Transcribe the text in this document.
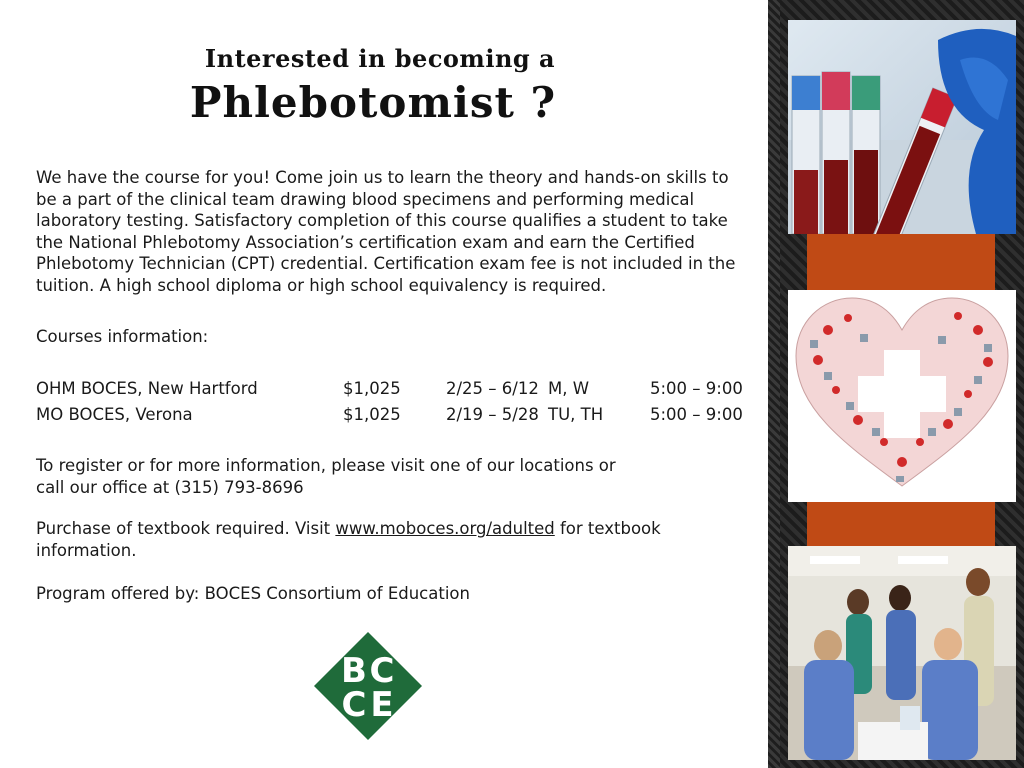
Interested in becoming a
Phlebotomist ?

We have the course for you! Come join us to learn the theory and hands-on skills to be a part of the clinical team drawing blood specimens and performing medical laboratory testing. Satisfactory completion of this course qualifies a student to take the National Phlebotomy Association’s certification exam and earn the Certified Phlebotomy Technician (CPT) credential. Certification exam fee is not included in the tuition. A high school diploma or high school equivalency is required.

Courses information:

OHM BOCES, New Hartford	$1,025	2/25 – 6/12 M, W	5:00 – 9:00
MO BOCES, Verona	$1,025	2/19 – 5/28 TU, TH	5:00 – 9:00

To register or for more information, please visit one of our locations or
call our office at (315) 793-8696

Purchase of textbook required. Visit www.moboces.org/adulted for textbook information.

Program offered by: BOCES Consortium of Education

B C
C E
